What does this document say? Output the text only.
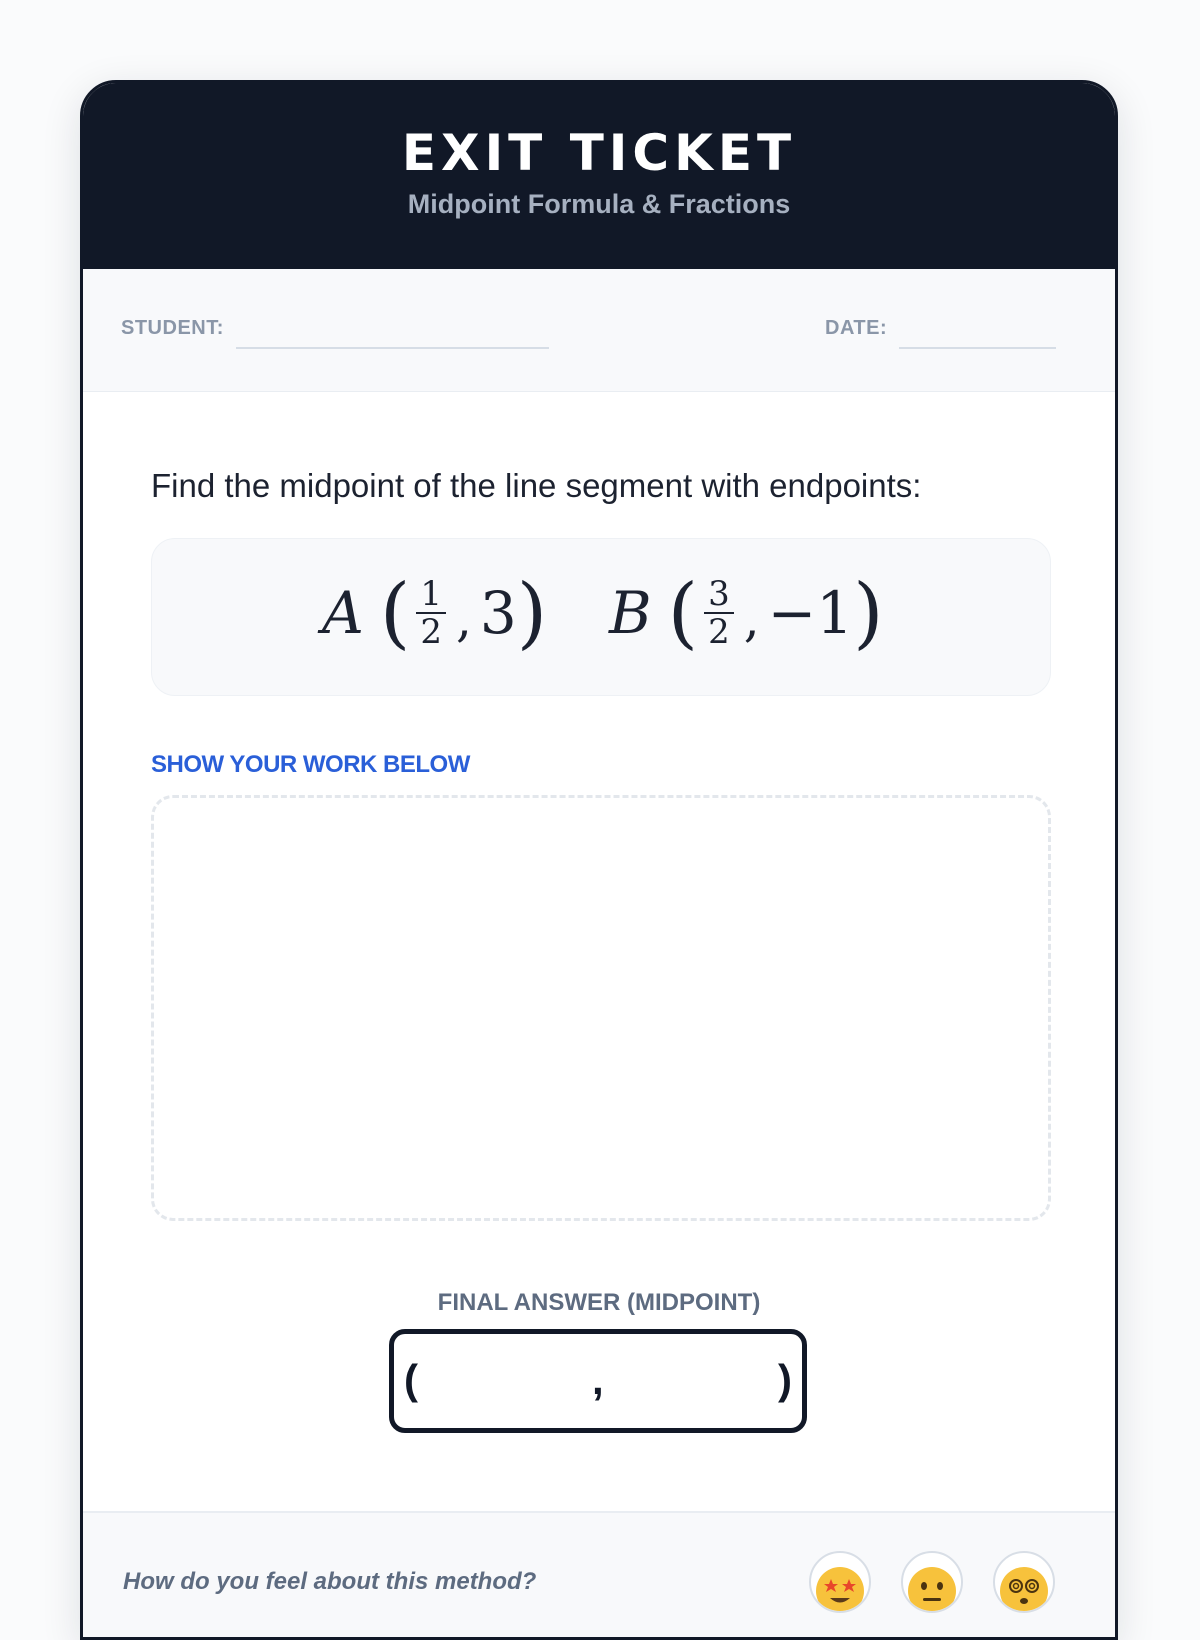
EXIT TICKET
Midpoint Formula & Fractions
STUDENT:	DATE:
Find the midpoint of the line segment with endpoints:
A ( $\frac{1}{2}$ , 3 ) B ( $\frac{3}{2}$ , −1 )
SHOW YOUR WORK BELOW
FINAL ANSWER (MIDPOINT)
(	,	)
How do you feel about this method?
